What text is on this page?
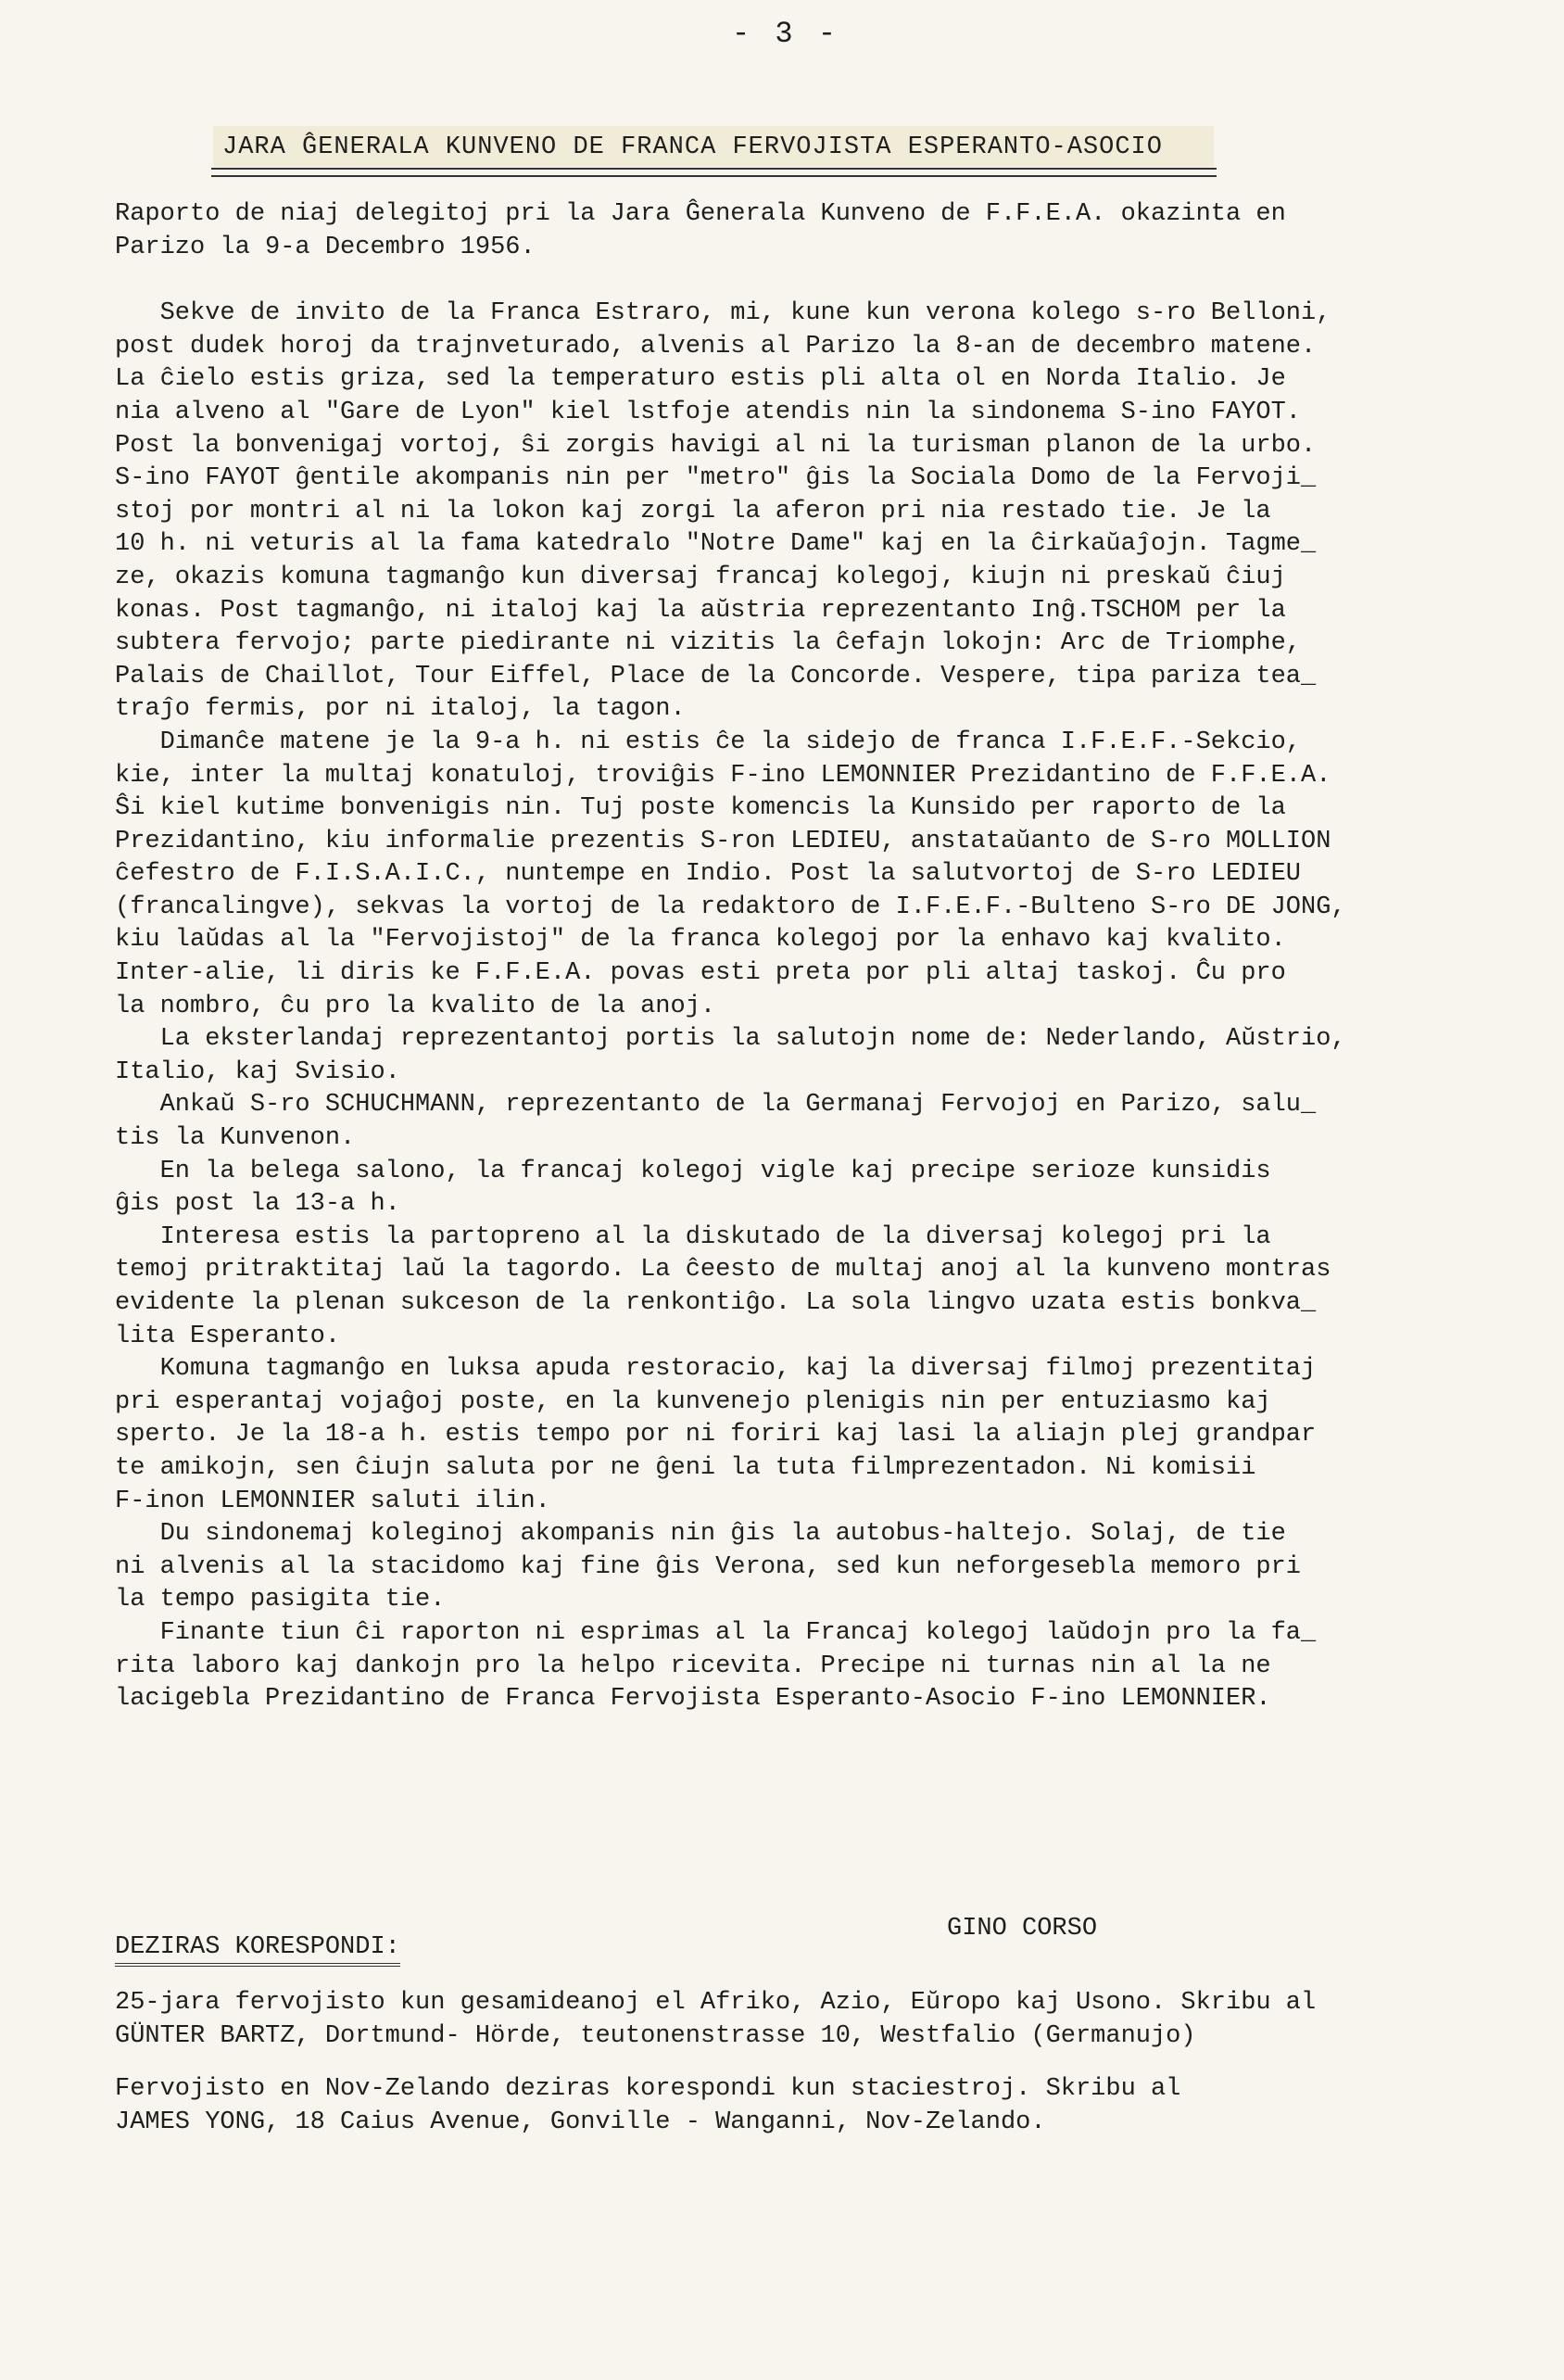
- 3 -
JARA ĜENERALA KUNVENO DE FRANCA FERVOJISTA ESPERANTO-ASOCIO
Raporto de niaj delegitoj pri la Jara Ĝenerala Kunveno de F.F.E.A. okazinta en
Parizo la 9-a Decembro 1956.
Sekve de invito de la Franca Estraro, mi, kune kun verona kolego s-ro Belloni,
post dudek horoj da trajnveturado, alvenis al Parizo la 8-an de decembro matene.
La ĉielo estis griza, sed la temperaturo estis pli alta ol en Norda Italio. Je
nia alveno al "Gare de Lyon" kiel lstfoje atendis nin la sindonema S-ino FAYOT.
Post la bonvenigaj vortoj, ŝi zorgis havigi al ni la turisman planon de la urbo.
S-ino FAYOT ĝentile akompanis nin per "metro" ĝis la Sociala Domo de la Fervoji_
stoj por montri al ni la lokon kaj zorgi la aferon pri nia restado tie. Je la
10 h. ni veturis al la fama katedralo "Notre Dame" kaj en la ĉirkaŭaĵojn. Tagme_
ze, okazis komuna tagmanĝo kun diversaj francaj kolegoj, kiujn ni preskaŭ ĉiuj
konas. Post tagmanĝo, ni italoj kaj la aŭstria reprezentanto Inĝ.TSCHOM per la
subtera fervojo; parte piedirante ni vizitis la ĉefajn lokojn: Arc de Triomphe,
Palais de Chaillot, Tour Eiffel, Place de la Concorde. Vespere, tipa pariza tea_
traĵo fermis, por ni italoj, la tagon.
Dimanĉe matene je la 9-a h. ni estis ĉe la sidejo de franca I.F.E.F.-Sekcio,
kie, inter la multaj konatuloj, troviĝis F-ino LEMONNIER Prezidantino de F.F.E.A.
Ŝi kiel kutime bonvenigis nin. Tuj poste komencis la Kunsido per raporto de la
Prezidantino, kiu informalie prezentis S-ron LEDIEU, anstataŭanto de S-ro MOLLION
ĉefestro de F.I.S.A.I.C., nuntempe en Indio. Post la salutvortoj de S-ro LEDIEU
(francalingve), sekvas la vortoj de la redaktoro de I.F.E.F.-Bulteno S-ro DE JONG,
kiu laŭdas al la "Fervojistoj" de la franca kolegoj por la enhavo kaj kvalito.
Inter-alie, li diris ke F.F.E.A. povas esti preta por pli altaj taskoj. Ĉu pro
la nombro, ĉu pro la kvalito de la anoj.
La eksterlandaj reprezentantoj portis la salutojn nome de: Nederlando, Aŭstrio,
Italio, kaj Svisio.
Ankaŭ S-ro SCHUCHMANN, reprezentanto de la Germanaj Fervojoj en Parizo, salu_
tis la Kunvenon.
En la belega salono, la francaj kolegoj vigle kaj precipe serioze kunsidis
ĝis post la 13-a h.
Interesa estis la partopreno al la diskutado de la diversaj kolegoj pri la
temoj pritraktitaj laŭ la tagordo. La ĉeesto de multaj anoj al la kunveno montras
evidente la plenan sukceson de la renkontiĝo. La sola lingvo uzata estis bonkva_
lita Esperanto.
Komuna tagmanĝo en luksa apuda restoracio, kaj la diversaj filmoj prezentitaj
pri esperantaj vojaĝoj poste, en la kunvenejo plenigis nin per entuziasmo kaj
sperto. Je la 18-a h. estis tempo por ni foriri kaj lasi la aliajn plej grandpar
te amikojn, sen ĉiujn saluta por ne ĝeni la tuta filmprezentadon. Ni komisii
F-inon LEMONNIER saluti ilin.
Du sindonemaj koleginoj akompanis nin ĝis la autobus-haltejo. Solaj, de tie
ni alvenis al la stacidomo kaj fine ĝis Verona, sed kun neforgesebla memoro pri
la tempo pasigita tie.
Finante tiun ĉi raporton ni esprimas al la Francaj kolegoj laŭdojn pro la fa_
rita laboro kaj dankojn pro la helpo ricevita. Precipe ni turnas nin al la ne
lacigebla Prezidantino de Franca Fervojista Esperanto-Asocio F-ino LEMONNIER.
GINO CORSO
DEZIRAS KORESPONDI:
25-jara fervojisto kun gesamideanoj el Afriko, Azio, Eŭropo kaj Usono. Skribu al
GÜNTER BARTZ, Dortmund- Hörde, teutonenstrasse 10, Westfalio (Germanujo)
Fervojisto en Nov-Zelando deziras korespondi kun staciestroj. Skribu al
JAMES YONG, 18 Caius Avenue, Gonville - Wanganni, Nov-Zelando.
